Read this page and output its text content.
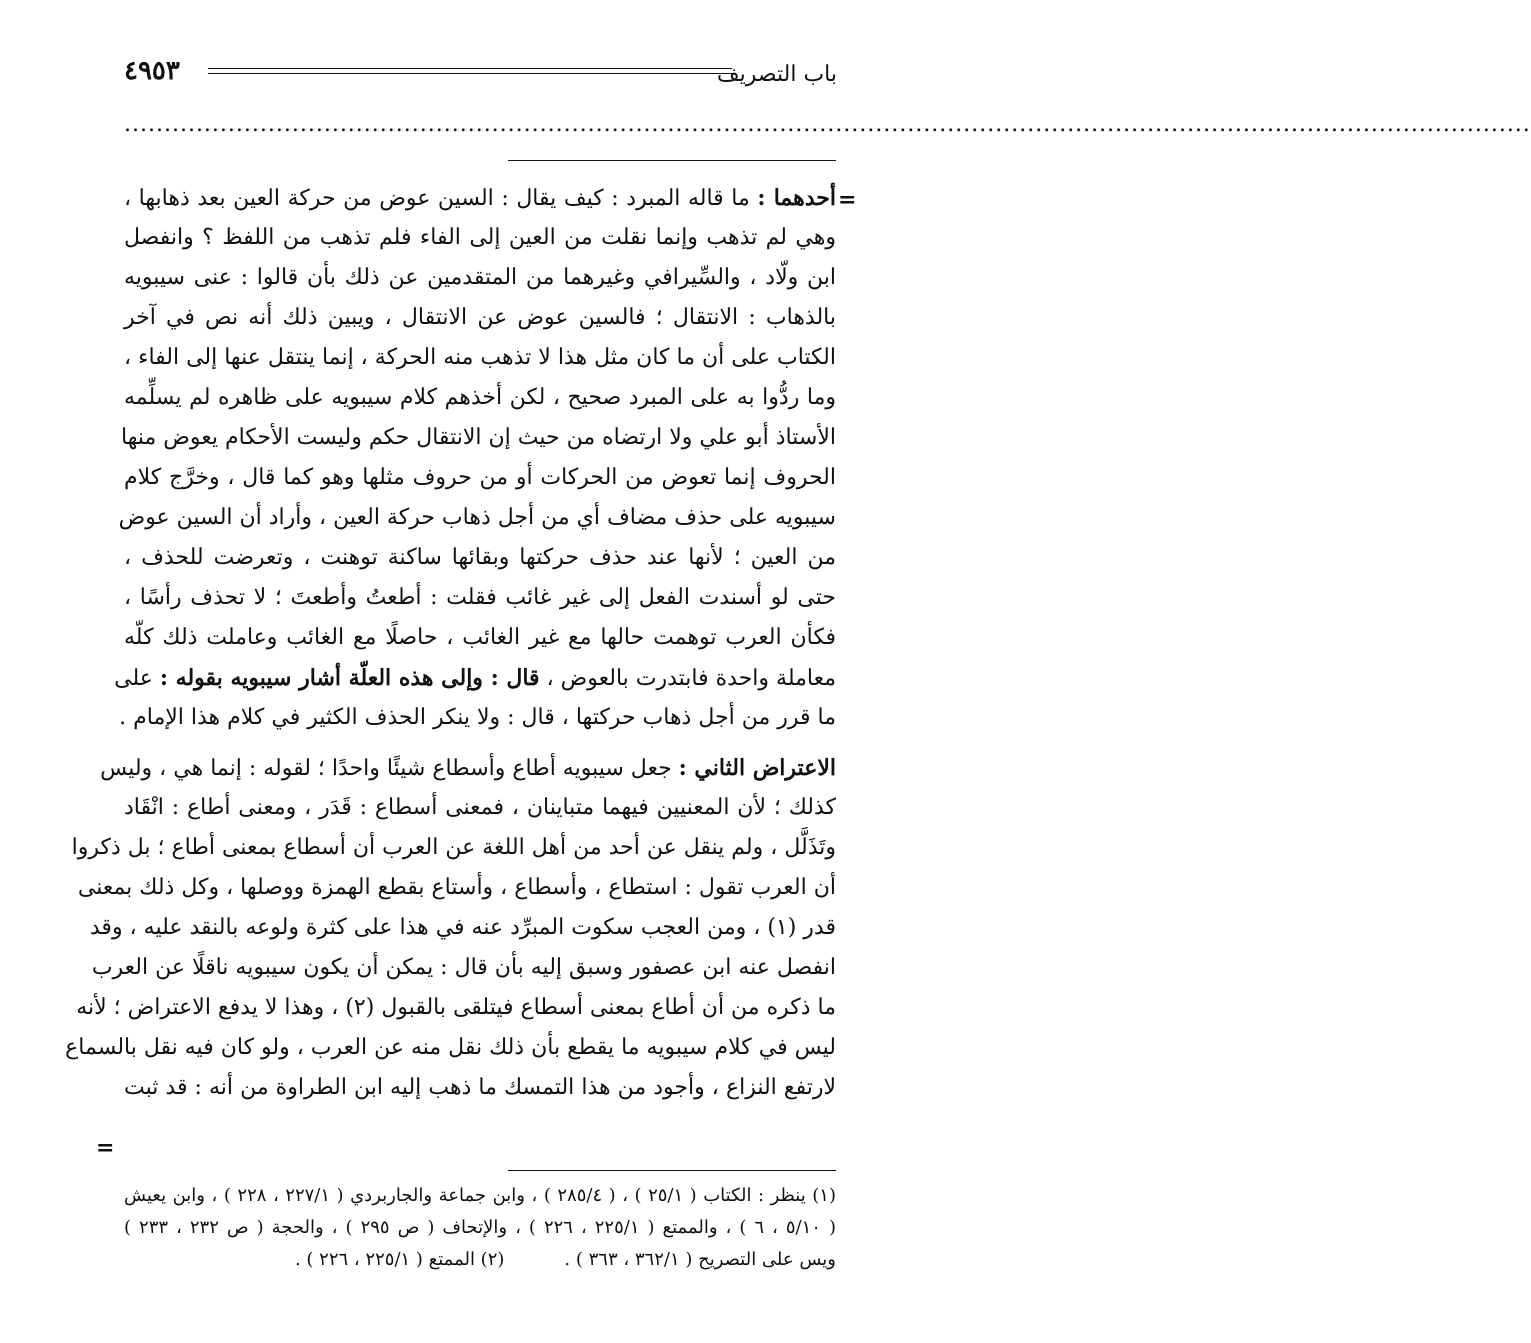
باب التصريف
٤٩٥٣
................................................................................................................................................................................
=
=
أحدهما : ما قاله المبرد : كيف يقال : السين عوض من حركة العين بعد ذهابها ،
وهي لم تذهب وإنما نقلت من العين إلى الفاء فلم تذهب من اللفظ ؟ وانفصل
ابن ولّاد ، والسِّيرافي وغيرهما من المتقدمين عن ذلك بأن قالوا : عنى سيبويه
بالذهاب : الانتقال ؛ فالسين عوض عن الانتقال ، ويبين ذلك أنه نص في آخر
الكتاب على أن ما كان مثل هذا لا تذهب منه الحركة ، إنما ينتقل عنها إلى الفاء ،
وما ردُّوا به على المبرد صحيح ، لكن أخذهم كلام سيبويه على ظاهره لم يسلِّمه
الأستاذ أبو علي ولا ارتضاه من حيث إن الانتقال حكم وليست الأحكام يعوض منها
الحروف إنما تعوض من الحركات أو من حروف مثلها وهو كما قال ، وخرَّج كلام
سيبويه على حذف مضاف أي من أجل ذهاب حركة العين ، وأراد أن السين عوض
من العين ؛ لأنها عند حذف حركتها وبقائها ساكنة توهنت ، وتعرضت للحذف ،
حتى لو أسندت الفعل إلى غير غائب فقلت : أطعتُ وأطعتَ ؛ لا تحذف رأسًا ،
فكأن العرب توهمت حالها مع غير الغائب ، حاصلًا مع الغائب وعاملت ذلك كلّه
معاملة واحدة فابتدرت بالعوض ، قال : وإلى هذه العلّة أشار سيبويه بقوله : على
ما قرر من أجل ذهاب حركتها ، قال : ولا ينكر الحذف الكثير في كلام هذا الإمام .
الاعتراض الثاني : جعل سيبويه أطاع وأسطاع شيئًا واحدًا ؛ لقوله : إنما هي ، وليس
كذلك ؛ لأن المعنيين فيهما متباينان ، فمعنى أسطاع : قَدَر ، ومعنى أطاع : انْقَاد
وتَذَلَّل ، ولم ينقل عن أحد من أهل اللغة عن العرب أن أسطاع بمعنى أطاع ؛ بل ذكروا
أن العرب تقول : استطاع ، وأسطاع ، وأستاع بقطع الهمزة ووصلها ، وكل ذلك بمعنى
قدر (١) ، ومن العجب سكوت المبرِّد عنه في هذا على كثرة ولوعه بالنقد عليه ، وقد
انفصل عنه ابن عصفور وسبق إليه بأن قال : يمكن أن يكون سيبويه ناقلًا عن العرب
ما ذكره من أن أطاع بمعنى أسطاع فيتلقى بالقبول (٢) ، وهذا لا يدفع الاعتراض ؛ لأنه
ليس في كلام سيبويه ما يقطع بأن ذلك نقل منه عن العرب ، ولو كان فيه نقل بالسماع
لارتفع النزاع ، وأجود من هذا التمسك ما ذهب إليه ابن الطراوة من أنه : قد ثبت
(١) ينظر : الكتاب ( ٢٥/١ ) ، ( ٢٨٥/٤ ) ، وابن جماعة والجاربردي ( ٢٢٧/١ ، ٢٢٨ ) ، وابن يعيش
( ٥/١٠ ، ٦ ) ، والممتع ( ٢٢٥/١ ، ٢٢٦ ) ، والإتحاف ( ص ٢٩٥ ) ، والحجة ( ص ٢٣٢ ، ٢٣٣ )
ويس على التصريح ( ٣٦٢/١ ، ٣٦٣ ) .
(٢) الممتع ( ٢٢٥/١ ، ٢٢٦ ) .
